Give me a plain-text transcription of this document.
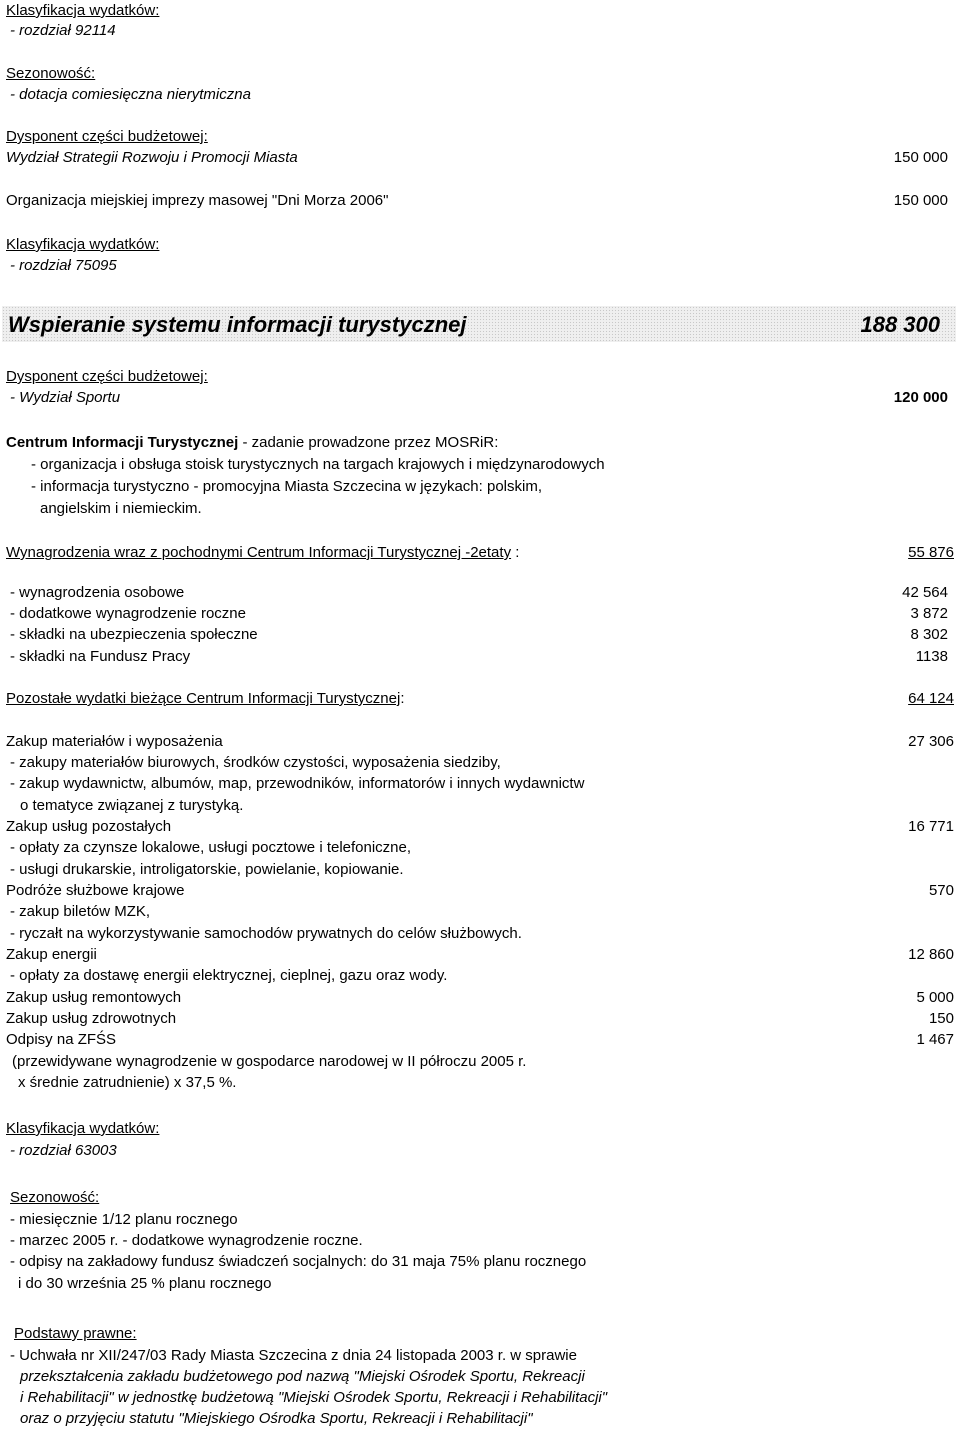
Klasyfikacja wydatków:
- rozdział 92114
Sezonowość:
- dotacja comiesięczna nierytmiczna
Dysponent części budżetowej:
Wydział Strategii Rozwoju i Promocji Miasta	150 000
Organizacja miejskiej imprezy masowej "Dni Morza 2006"	150 000
Klasyfikacja wydatków:
- rozdział 75095
Wspieranie systemu informacji turystycznej	188 300
Dysponent części budżetowej:
- Wydział Sportu	120 000
Centrum Informacji Turystycznej - zadanie prowadzone przez MOSRiR:
- organizacja i obsługa stoisk turystycznych na targach krajowych i międzynarodowych
- informacja turystyczno - promocyjna Miasta Szczecina w językach: polskim,
angielskim i niemieckim.
Wynagrodzenia wraz z pochodnymi Centrum Informacji Turystycznej -2etaty :	55 876
- wynagrodzenia osobowe	42 564
- dodatkowe wynagrodzenie roczne	3 872
- składki na ubezpieczenia społeczne	8 302
- składki na Fundusz Pracy	1138
Pozostałe wydatki bieżące Centrum Informacji Turystycznej:	64 124
Zakup materiałów i wyposażenia	27 306
- zakupy materiałów biurowych, środków czystości, wyposażenia siedziby,
- zakup wydawnictw, albumów, map, przewodników, informatorów i innych wydawnictw
o tematyce związanej z turystyką.
Zakup usług pozostałych	16 771
- opłaty za czynsze lokalowe, usługi pocztowe i telefoniczne,
- usługi drukarskie, introligatorskie, powielanie, kopiowanie.
Podróże służbowe krajowe	570
- zakup biletów MZK,
- ryczałt na wykorzystywanie samochodów prywatnych do celów służbowych.
Zakup energii	12 860
- opłaty za dostawę energii elektrycznej, cieplnej, gazu oraz wody.
Zakup usług remontowych	5 000
Zakup usług zdrowotnych	150
Odpisy na ZFŚS	1 467
(przewidywane wynagrodzenie w gospodarce narodowej w II półroczu 2005 r.
x średnie zatrudnienie) x 37,5 %.
Klasyfikacja wydatków:
- rozdział 63003
Sezonowość:
- miesięcznie 1/12 planu rocznego
- marzec 2005 r. - dodatkowe wynagrodzenie roczne.
- odpisy na zakładowy fundusz świadczeń socjalnych: do 31 maja 75% planu rocznego
i do 30 września 25 % planu rocznego
Podstawy prawne:
- Uchwała nr XII/247/03 Rady Miasta Szczecina z dnia 24 listopada 2003 r. w sprawie
przekształcenia zakładu budżetowego pod nazwą "Miejski Ośrodek Sportu, Rekreacji
i Rehabilitacji" w jednostkę budżetową "Miejski Ośrodek Sportu, Rekreacji i Rehabilitacji"
oraz o przyjęciu statutu "Miejskiego Ośrodka Sportu, Rekreacji i Rehabilitacji"
